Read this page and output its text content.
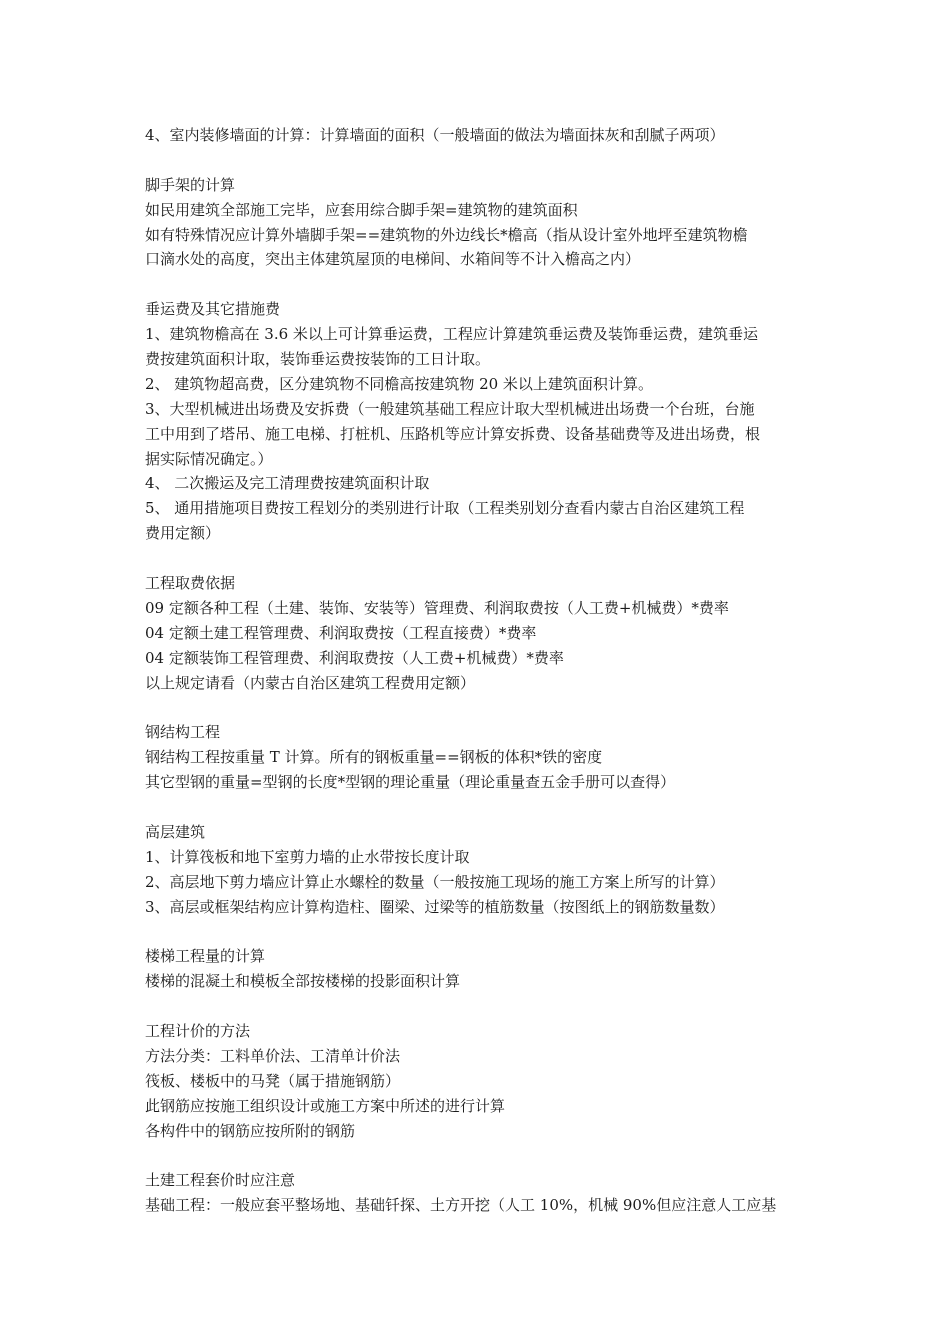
4、室内装修墙面的计算：计算墙面的面积（一般墙面的做法为墙面抹灰和刮腻子两项）
脚手架的计算
如民用建筑全部施工完毕，应套用综合脚手架=建筑物的建筑面积
如有特殊情况应计算外墙脚手架==建筑物的外边线长*檐高（指从设计室外地坪至建筑物檐
口滴水处的高度，突出主体建筑屋顶的电梯间、水箱间等不计入檐高之内）
垂运费及其它措施费
1、建筑物檐高在 3.6 米以上可计算垂运费，工程应计算建筑垂运费及装饰垂运费，建筑垂运
费按建筑面积计取，装饰垂运费按装饰的工日计取。
2、 建筑物超高费，区分建筑物不同檐高按建筑物 20 米以上建筑面积计算。
3、大型机械进出场费及安拆费（一般建筑基础工程应计取大型机械进出场费一个台班，台施
工中用到了塔吊、施工电梯、打桩机、压路机等应计算安拆费、设备基础费等及进出场费，根
据实际情况确定。）
4、 二次搬运及完工清理费按建筑面积计取
5、 通用措施项目费按工程划分的类别进行计取（工程类别划分查看内蒙古自治区建筑工程
费用定额）
工程取费依据
09 定额各种工程（土建、装饰、安装等）管理费、利润取费按（人工费+机械费）*费率
04 定额土建工程管理费、利润取费按（工程直接费）*费率
04 定额装饰工程管理费、利润取费按（人工费+机械费）*费率
以上规定请看（内蒙古自治区建筑工程费用定额）
钢结构工程
钢结构工程按重量 T 计算。所有的钢板重量==钢板的体积*铁的密度
其它型钢的重量=型钢的长度*型钢的理论重量（理论重量查五金手册可以查得）
高层建筑
1、计算筏板和地下室剪力墙的止水带按长度计取
2、高层地下剪力墙应计算止水螺栓的数量（一般按施工现场的施工方案上所写的计算）
3、高层或框架结构应计算构造柱、圈梁、过梁等的植筋数量（按图纸上的钢筋数量数）
楼梯工程量的计算
楼梯的混凝土和模板全部按楼梯的投影面积计算
工程计价的方法
方法分类：工料单价法、工清单计价法
筏板、楼板中的马凳（属于措施钢筋）
此钢筋应按施工组织设计或施工方案中所述的进行计算
各构件中的钢筋应按所附的钢筋
土建工程套价时应注意
基础工程：一般应套平整场地、基础钎探、土方开挖（人工 10%，机械 90%但应注意人工应基
